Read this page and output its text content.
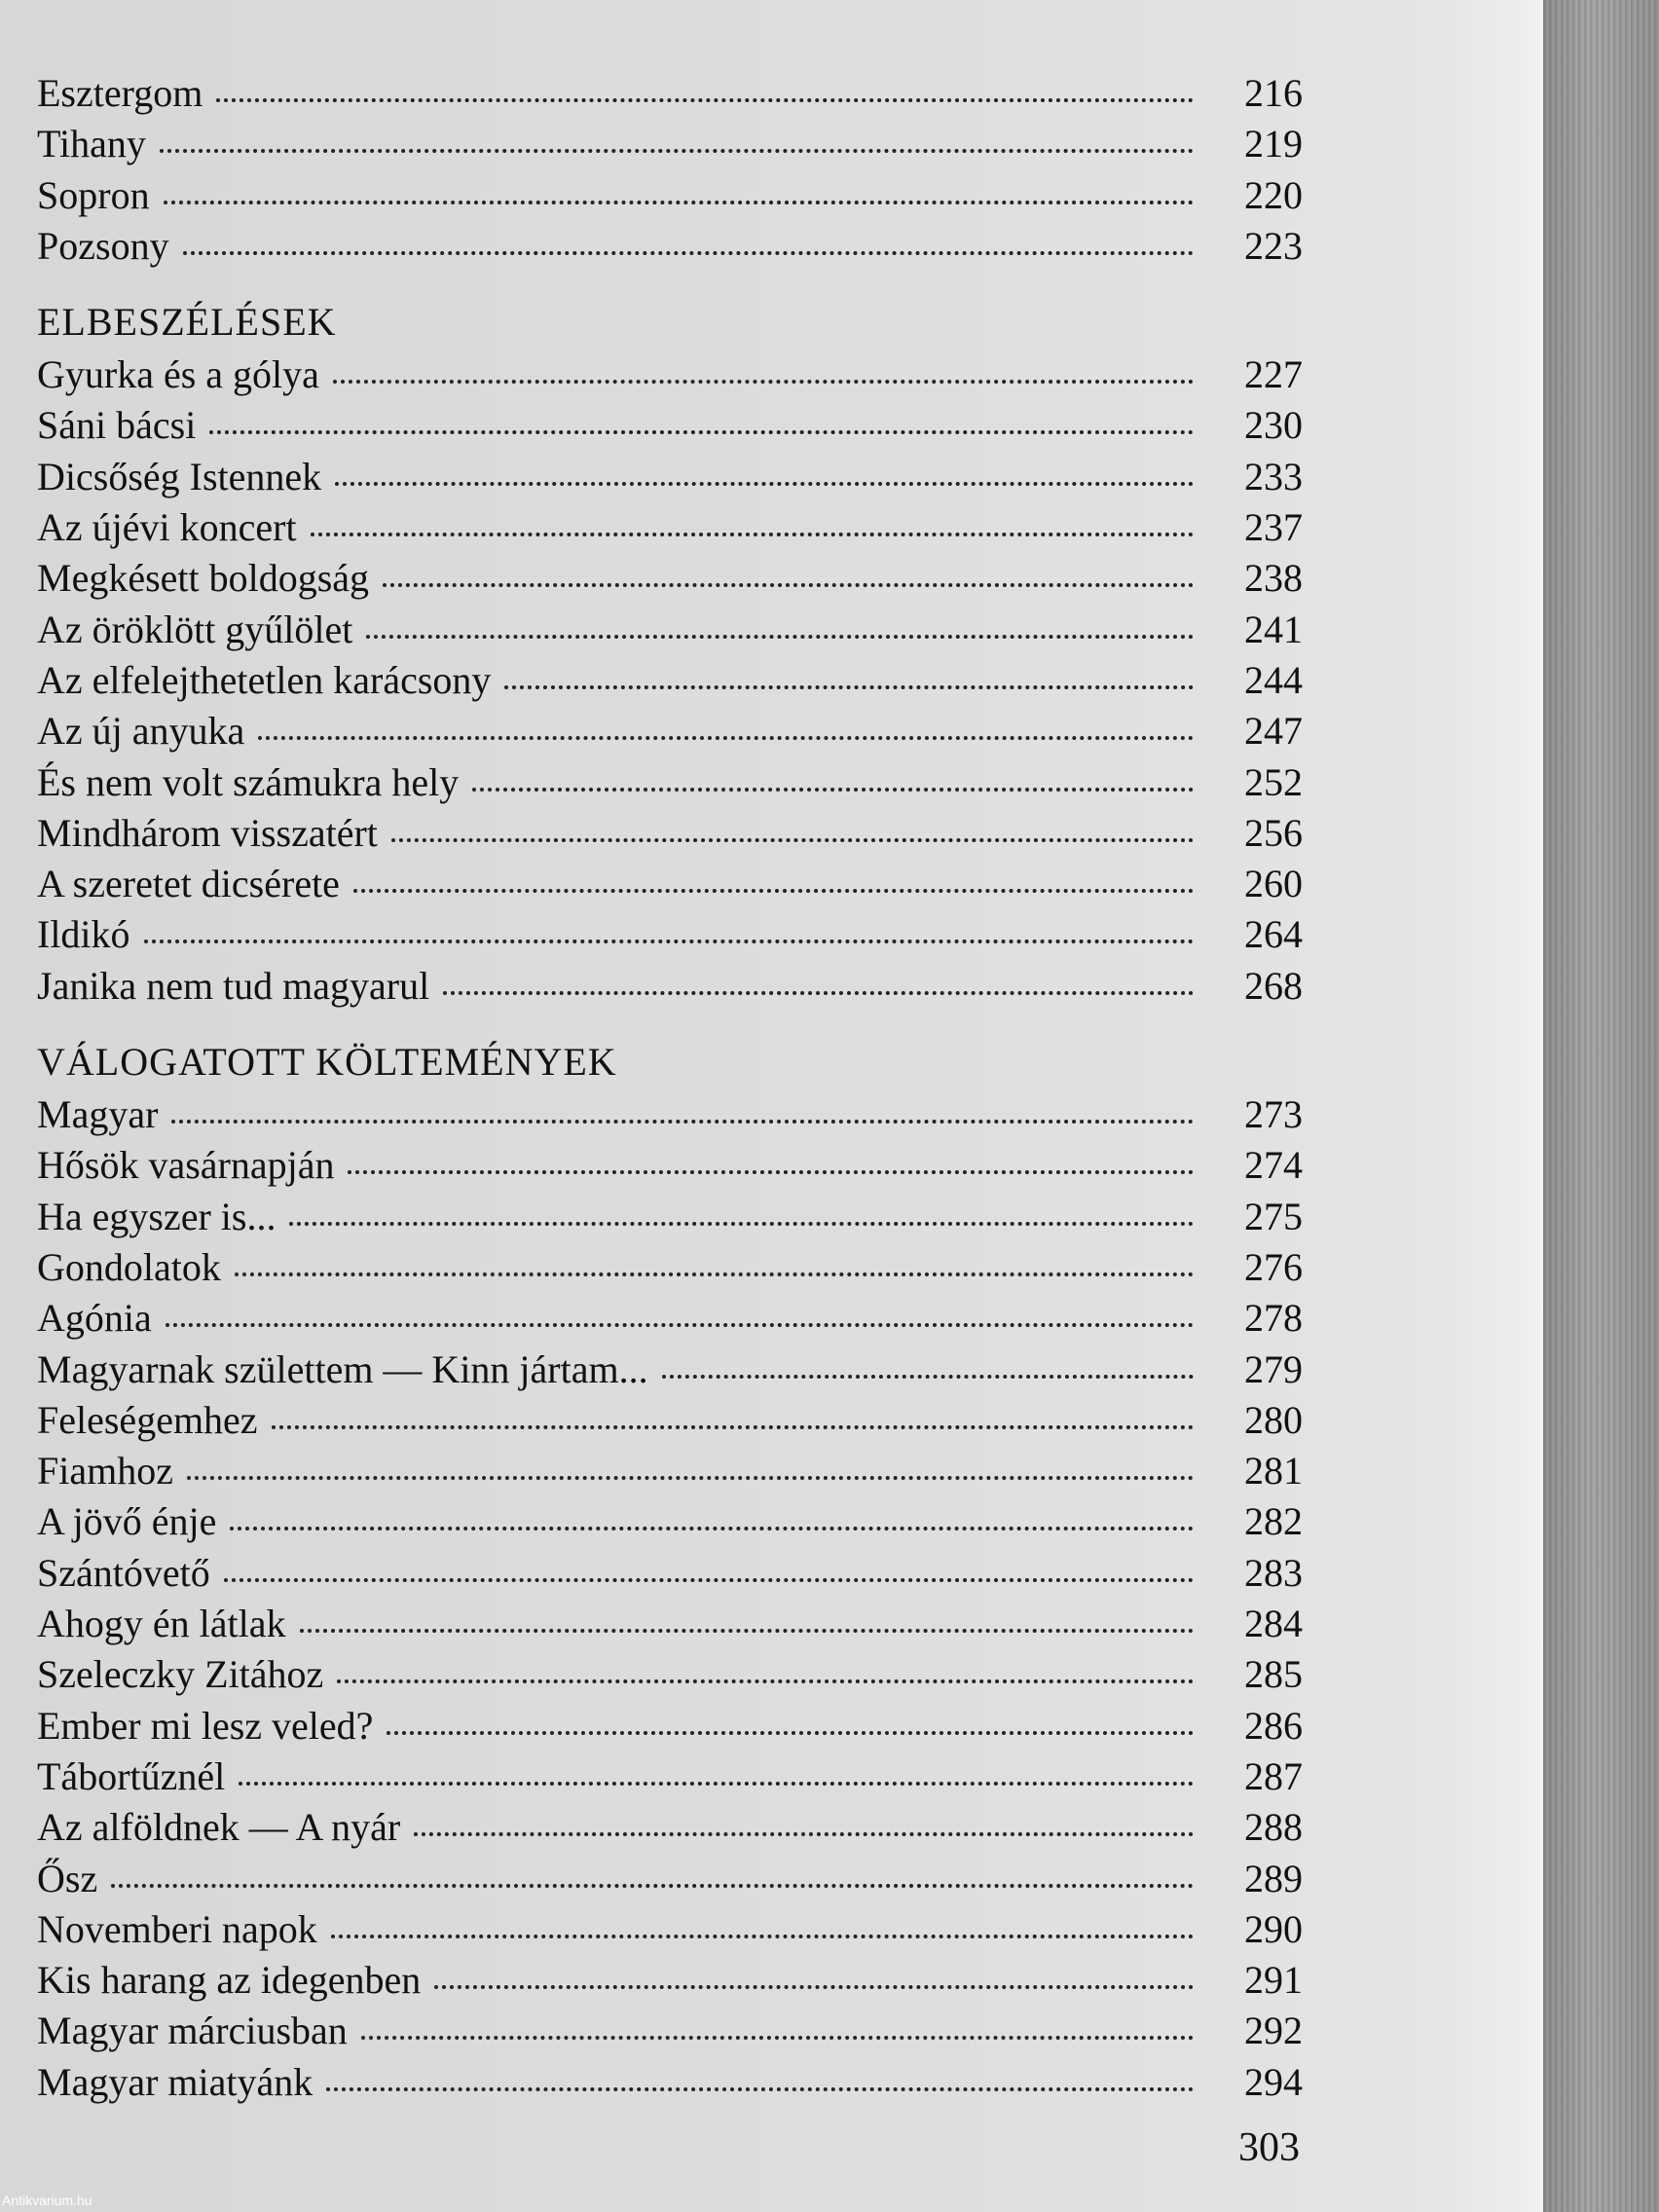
Esztergom	216
Tihany	219
Sopron	220
Pozsony	223
ELBESZÉLÉSEK
Gyurka és a gólya	227
Sáni bácsi	230
Dicsőség Istennek	233
Az újévi koncert	237
Megkésett boldogság	238
Az öröklött gyűlölet	241
Az elfelejthetetlen karácsony	244
Az új anyuka	247
És nem volt számukra hely	252
Mindhárom visszatért	256
A szeretet dicsérete	260
Ildikó	264
Janika nem tud magyarul	268
VÁLOGATOTT KÖLTEMÉNYEK
Magyar	273
Hősök vasárnapján	274
Ha egyszer is...	275
Gondolatok	276
Agónia	278
Magyarnak születtem — Kinn jártam...	279
Feleségemhez	280
Fiamhoz	281
A jövő énje	282
Szántóvető	283
Ahogy én látlak	284
Szeleczky Zitához	285
Ember mi lesz veled?	286
Tábortűznél	287
Az alföldnek — A nyár	288
Ősz	289
Novemberi napok	290
Kis harang az idegenben	291
Magyar márciusban	292
Magyar miatyánk	294
303
Antikvarium.hu
